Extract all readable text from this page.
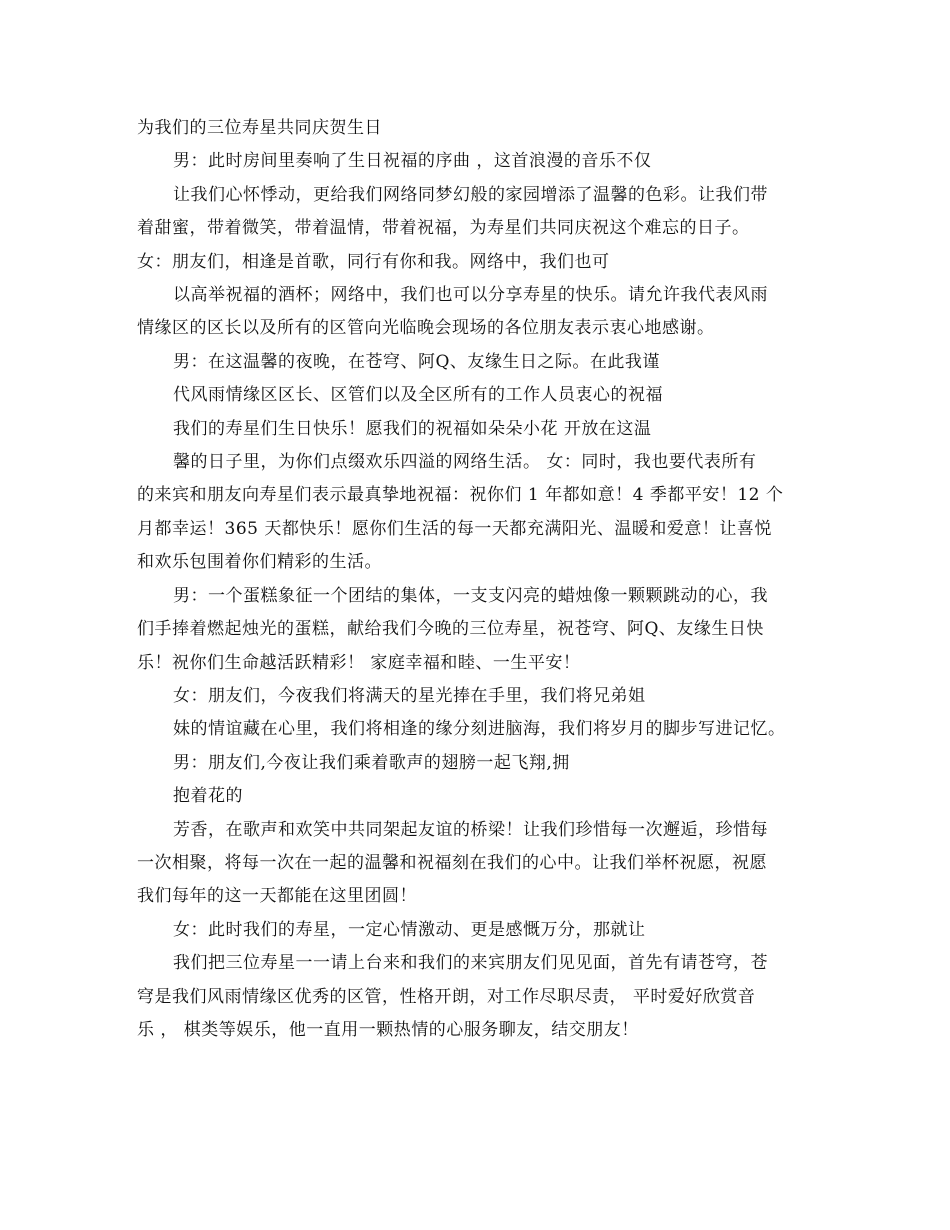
为我们的三位寿星共同庆贺生日
男：此时房间里奏响了生日祝福的序曲 ，这首浪漫的音乐不仅
让我们心怀悸动，更给我们网络同梦幻般的家园增添了温馨的色彩。让我们带
着甜蜜，带着微笑，带着温情，带着祝福，为寿星们共同庆祝这个难忘的日子。
女：朋友们，相逢是首歌，同行有你和我。网络中，我们也可
以高举祝福的酒杯；网络中，我们也可以分享寿星的快乐。请允许我代表风雨
情缘区的区长以及所有的区管向光临晚会现场的各位朋友表示衷心地感谢。
男：在这温馨的夜晚，在苍穹、阿Q、友缘生日之际。在此我谨
代风雨情缘区区长、区管们以及全区所有的工作人员衷心的祝福
我们的寿星们生日快乐！愿我们的祝福如朵朵小花 开放在这温
馨的日子里，为你们点缀欢乐四溢的网络生活。 女：同时，我也要代表所有
的来宾和朋友向寿星们表示最真挚地祝福：祝你们 1 年都如意！4 季都平安！12 个
月都幸运！365 天都快乐！愿你们生活的每一天都充满阳光、温暖和爱意！让喜悦
和欢乐包围着你们精彩的生活。
男：一个蛋糕象征一个团结的集体，一支支闪亮的蜡烛像一颗颗跳动的心，我
们手捧着燃起烛光的蛋糕，献给我们今晚的三位寿星，祝苍穹、阿Q、友缘生日快
乐！祝你们生命越活跃精彩！ 家庭幸福和睦、一生平安！
女：朋友们，今夜我们将满天的星光捧在手里，我们将兄弟姐
妹的情谊藏在心里，我们将相逢的缘分刻进脑海，我们将岁月的脚步写进记忆。
男：朋友们,今夜让我们乘着歌声的翅膀一起飞翔,拥
抱着花的
芳香，在歌声和欢笑中共同架起友谊的桥梁！让我们珍惜每一次邂逅，珍惜每
一次相聚，将每一次在一起的温馨和祝福刻在我们的心中。让我们举杯祝愿，祝愿
我们每年的这一天都能在这里团圆！
女：此时我们的寿星，一定心情激动、更是感慨万分，那就让
我们把三位寿星一一请上台来和我们的来宾朋友们见见面，首先有请苍穹，苍
穹是我们风雨情缘区优秀的区管，性格开朗，对工作尽职尽责， 平时爱好欣赏音
乐 ， 棋类等娱乐，他一直用一颗热情的心服务聊友，结交朋友！
